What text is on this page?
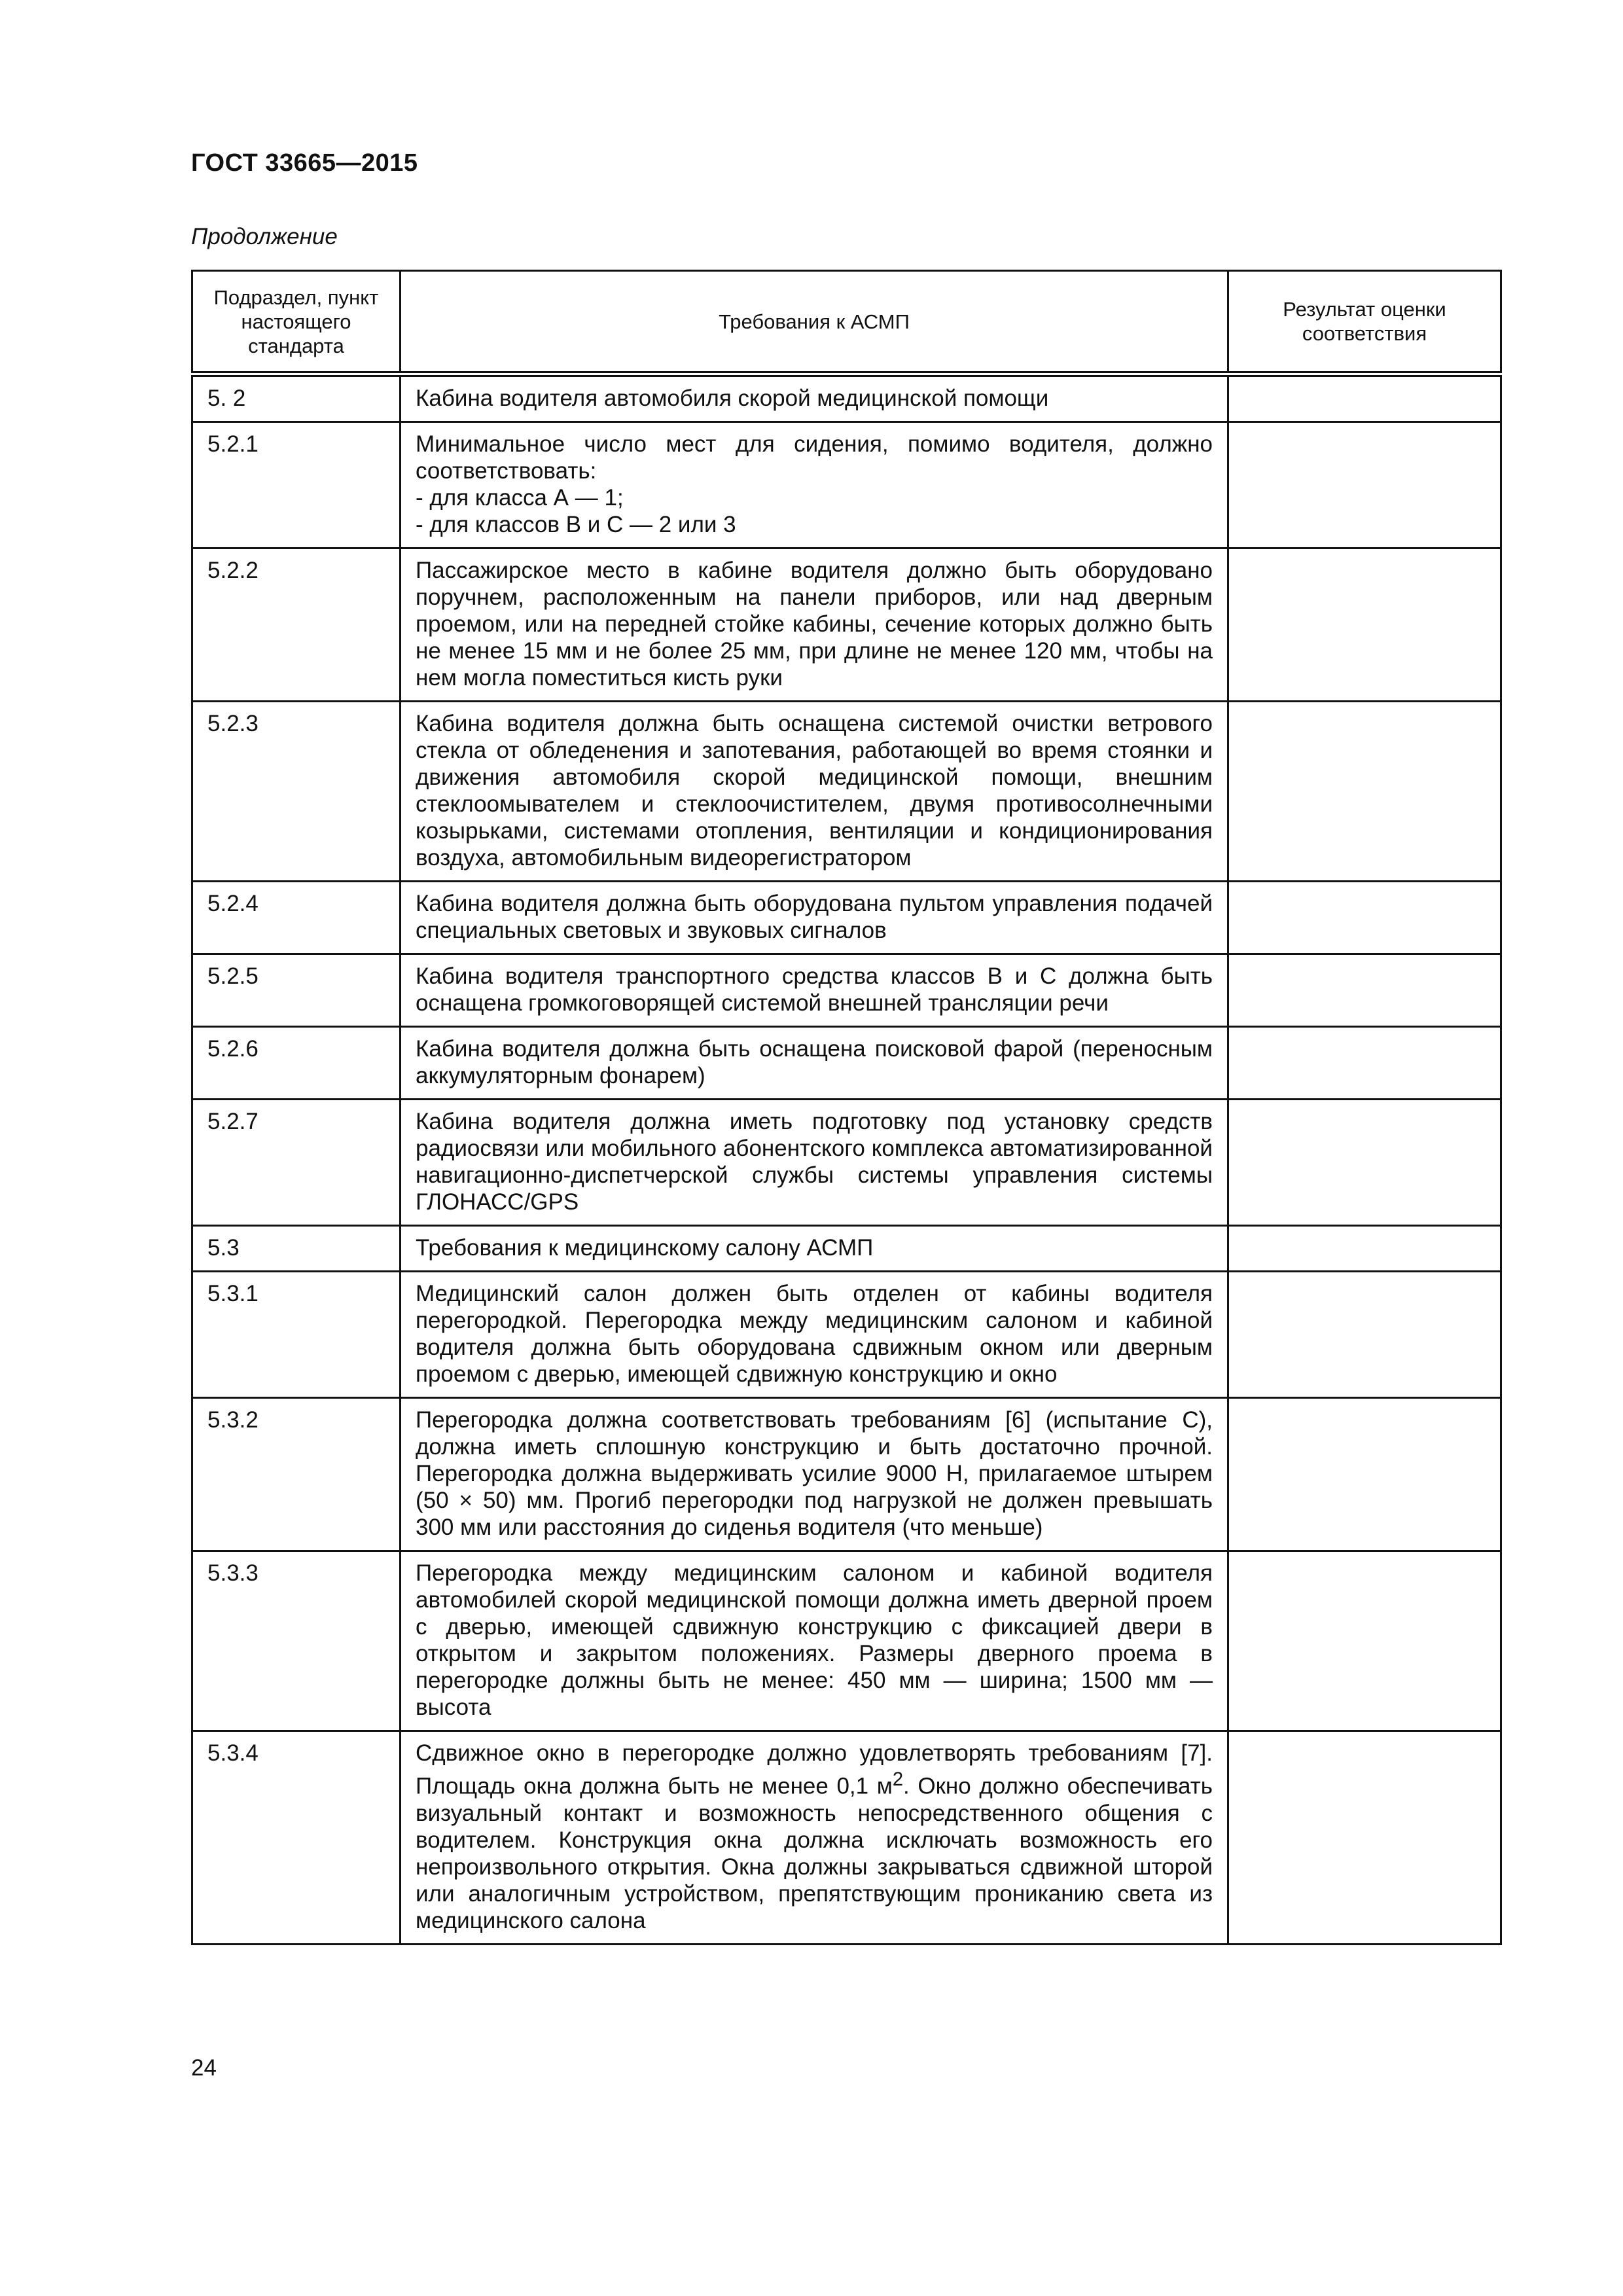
ГОСТ 33665—2015
Продолжение
Подраздел, пункт настоящего стандарта	Требования к АСМП	Результат оценки соответствия
5. 2	Кабина водителя автомобиля скорой медицинской помощи	
5.2.1	Минимальное число мест для сидения, помимо водителя, должно соответствовать:
- для класса А — 1;
- для классов В и С — 2 или 3	

5.2.2	Пассажирское место в кабине водителя должно быть оборудовано поручнем, расположенным на панели приборов, или над дверным проемом, или на передней стойке кабины, сечение которых должно быть не менее 15 мм и не более 25 мм, при длине не менее 120 мм, чтобы на нем могла поместиться кисть руки	
5.2.3	Кабина водителя должна быть оснащена системой очистки ветрового стекла от обледенения и запотевания, работающей во время стоянки и движения автомобиля скорой медицинской помощи, внешним стеклоомывателем и стеклоочистителем, двумя противосолнечными козырьками, системами отопления, вентиляции и кондиционирования воздуха, автомобильным видеорегистратором	
5.2.4	Кабина водителя должна быть оборудована пультом управления подачей специальных световых и звуковых сигналов	
5.2.5	Кабина водителя транспортного средства классов В и С должна быть оснащена громкоговорящей системой внешней трансляции речи	
5.2.6	Кабина водителя должна быть оснащена поисковой фарой (переносным аккумуляторным фонарем)	
5.2.7	Кабина водителя должна иметь подготовку под установку средств радиосвязи или мобильного абонентского комплекса автоматизированной навигационно-диспетчерской службы системы управления системы ГЛОНАСС/GPS	
5.3	Требования к медицинскому салону АСМП	
5.3.1	Медицинский салон должен быть отделен от кабины водителя перегородкой. Перегородка между медицинским салоном и кабиной водителя должна быть оборудована сдвижным окном или дверным проемом с дверью, имеющей сдвижную конструкцию и окно	
5.3.2	Перегородка должна соответствовать требованиям [6] (испытание С), должна иметь сплошную конструкцию и быть достаточно прочной. Перегородка должна выдерживать усилие 9000 Н, прилагаемое штырем (50 × 50) мм. Прогиб перегородки под нагрузкой не должен превышать 300 мм или расстояния до сиденья водителя (что меньше)	
5.3.3	Перегородка между медицинским салоном и кабиной водителя автомобилей скорой медицинской помощи должна иметь дверной проем с дверью, имеющей сдвижную конструкцию с фиксацией двери в открытом и закрытом положениях. Размеры дверного проема в перегородке должны быть не менее: 450 мм — ширина; 1500 мм — высота	
5.3.4	Сдвижное окно в перегородке должно удовлетворять требованиям [7]. Площадь окна должна быть не менее 0,1 $м^2$. Окно должно обеспечивать визуальный контакт и возможность непосредственного общения с водителем. Конструкция окна должна исключать возможность его непроизвольного открытия. Окна должны закрываться сдвижной шторой или аналогичным устройством, препятствующим прониканию света из медицинского салона	
24
